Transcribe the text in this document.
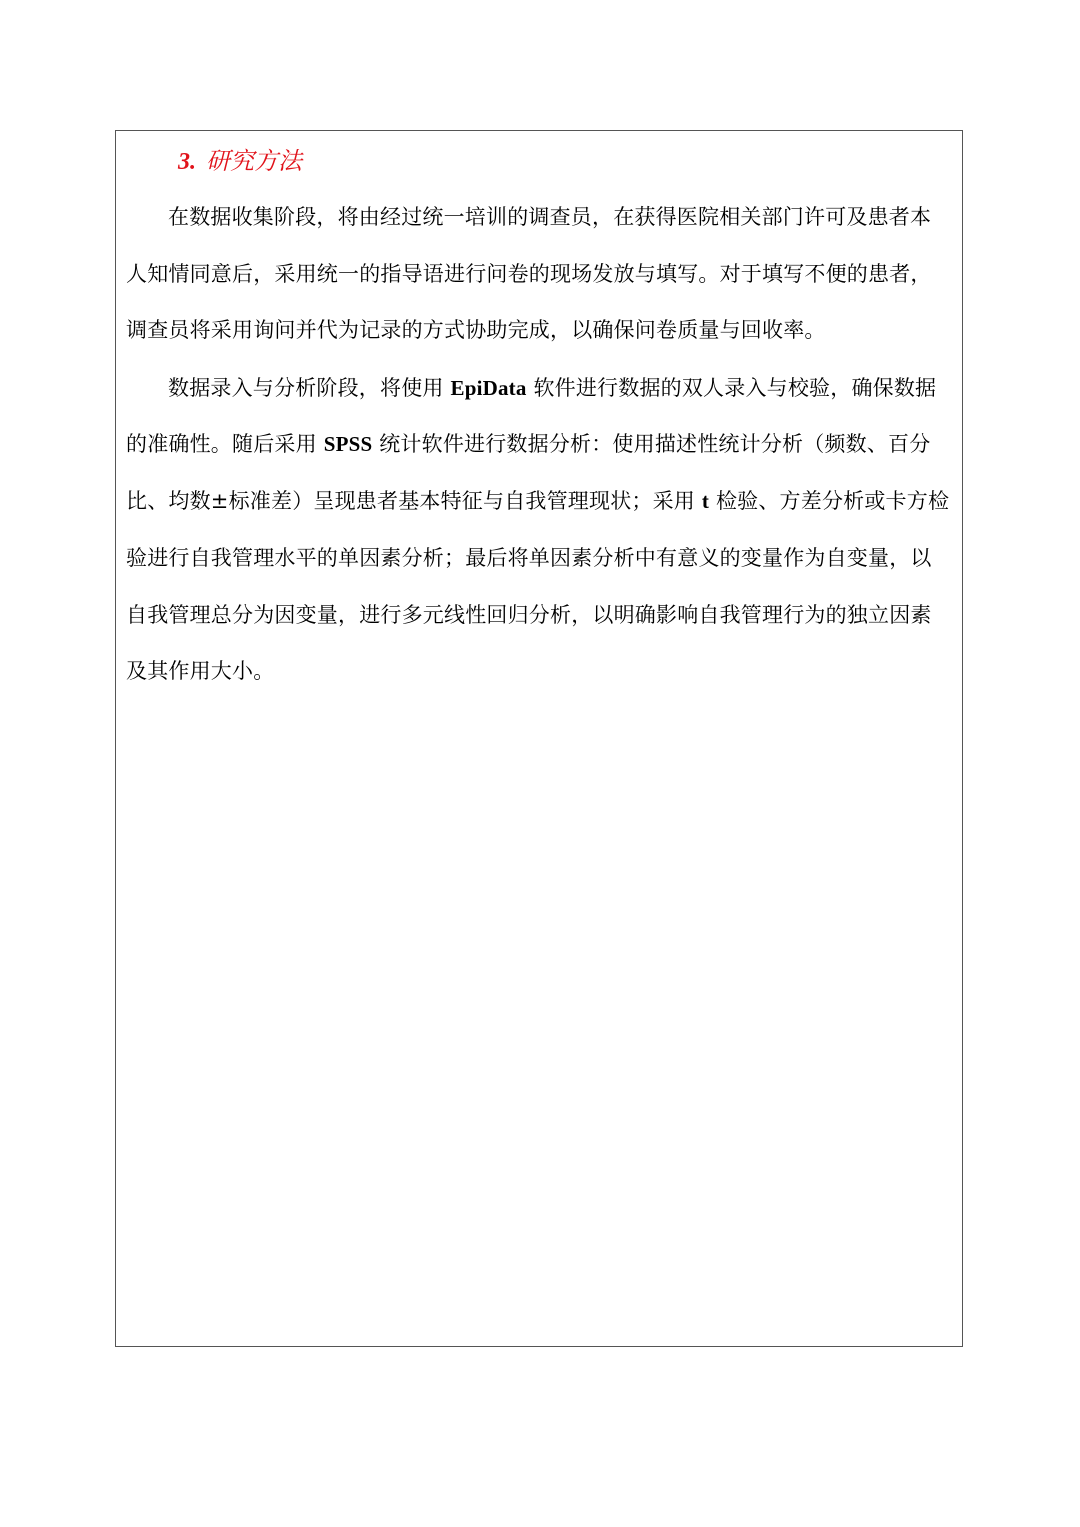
3. 研究方法

在数据收集阶段，将由经过统一培训的调查员，在获得医院相关部门许可及患者本

人知情同意后，采用统一的指导语进行问卷的现场发放与填写。对于填写不便的患者，

调查员将采用询问并代为记录的方式协助完成，以确保问卷质量与回收率。

数据录入与分析阶段，将使用 EpiData 软件进行数据的双人录入与校验，确保数据

的准确性。随后采用 SPSS 统计软件进行数据分析：使用描述性统计分析（频数、百分

比、均数±标准差）呈现患者基本特征与自我管理现状；采用 t 检验、方差分析或卡方检

验进行自我管理水平的单因素分析；最后将单因素分析中有意义的变量作为自变量，以

自我管理总分为因变量，进行多元线性回归分析，以明确影响自我管理行为的独立因素

及其作用大小。
